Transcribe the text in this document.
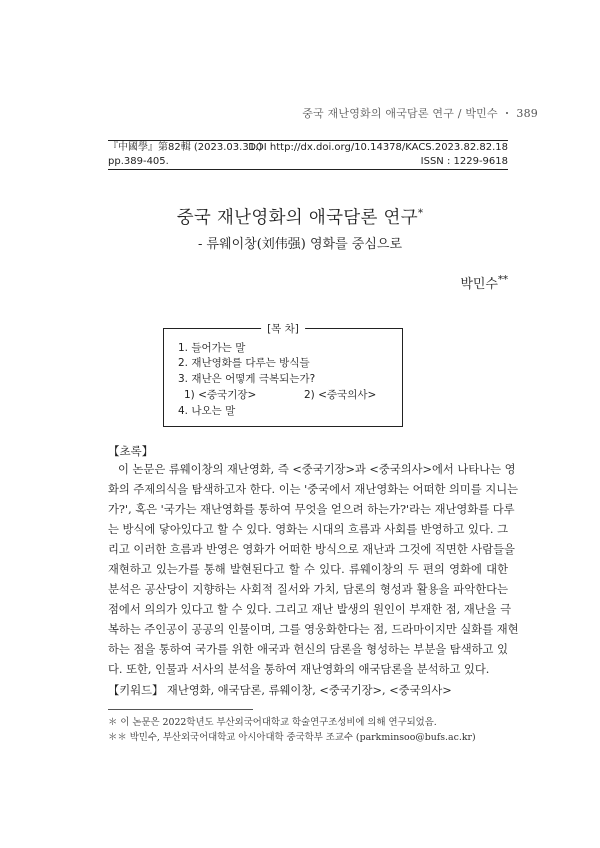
중국 재난영화의 애국담론 연구 / 박민수 ・ 389
『中國學』第82輯 (2023.03.31.)
DOI http://dx.doi.org/10.14378/KACS.2023.82.82.18
pp.389-405.	ISSN : 1229-9618
중국 재난영화의 애국담론 연구*
- 류웨이창(刘伟强) 영화를 중심으로
박민수**
[목 차]
1. 들어가는 말
2. 재난영화를 다루는 방식들
3. 재난은 어떻게 극복되는가?
1) <중국기장>	2) <중국의사>
4. 나오는 말
【초록】
이 논문은 류웨이창의 재난영화, 즉 <중국기장>과 <중국의사>에서 나타나는 영
화의 주제의식을 탐색하고자 한다. 이는 '중국에서 재난영화는 어떠한 의미를 지니는
가?', 혹은 '국가는 재난영화를 통하여 무엇을 얻으려 하는가?'라는 재난영화를 다루
는 방식에 닿아있다고 할 수 있다. 영화는 시대의 흐름과 사회를 반영하고 있다. 그
리고 이러한 흐름과 반영은 영화가 어떠한 방식으로 재난과 그것에 직면한 사람들을
재현하고 있는가를 통해 발현된다고 할 수 있다. 류웨이창의 두 편의 영화에 대한
분석은 공산당이 지향하는 사회적 질서와 가치, 담론의 형성과 활용을 파악한다는
점에서 의의가 있다고 할 수 있다. 그리고 재난 발생의 원인이 부재한 점, 재난을 극
복하는 주인공이 공공의 인물이며, 그를 영웅화한다는 점, 드라마이지만 실화를 재현
하는 점을 통하여 국가를 위한 애국과 헌신의 담론을 형성하는 부분을 탐색하고 있
다. 또한, 인물과 서사의 분석을 통하여 재난영화의 애국담론을 분석하고 있다.
【키워드】 재난영화, 애국담론, 류웨이창, <중국기장>, <중국의사>
＊ 이 논문은 2022학년도 부산외국어대학교 학술연구조성비에 의해 연구되었음.
＊＊ 박민수, 부산외국어대학교 아시아대학 중국학부 조교수 (parkminsoo@bufs.ac.kr)
